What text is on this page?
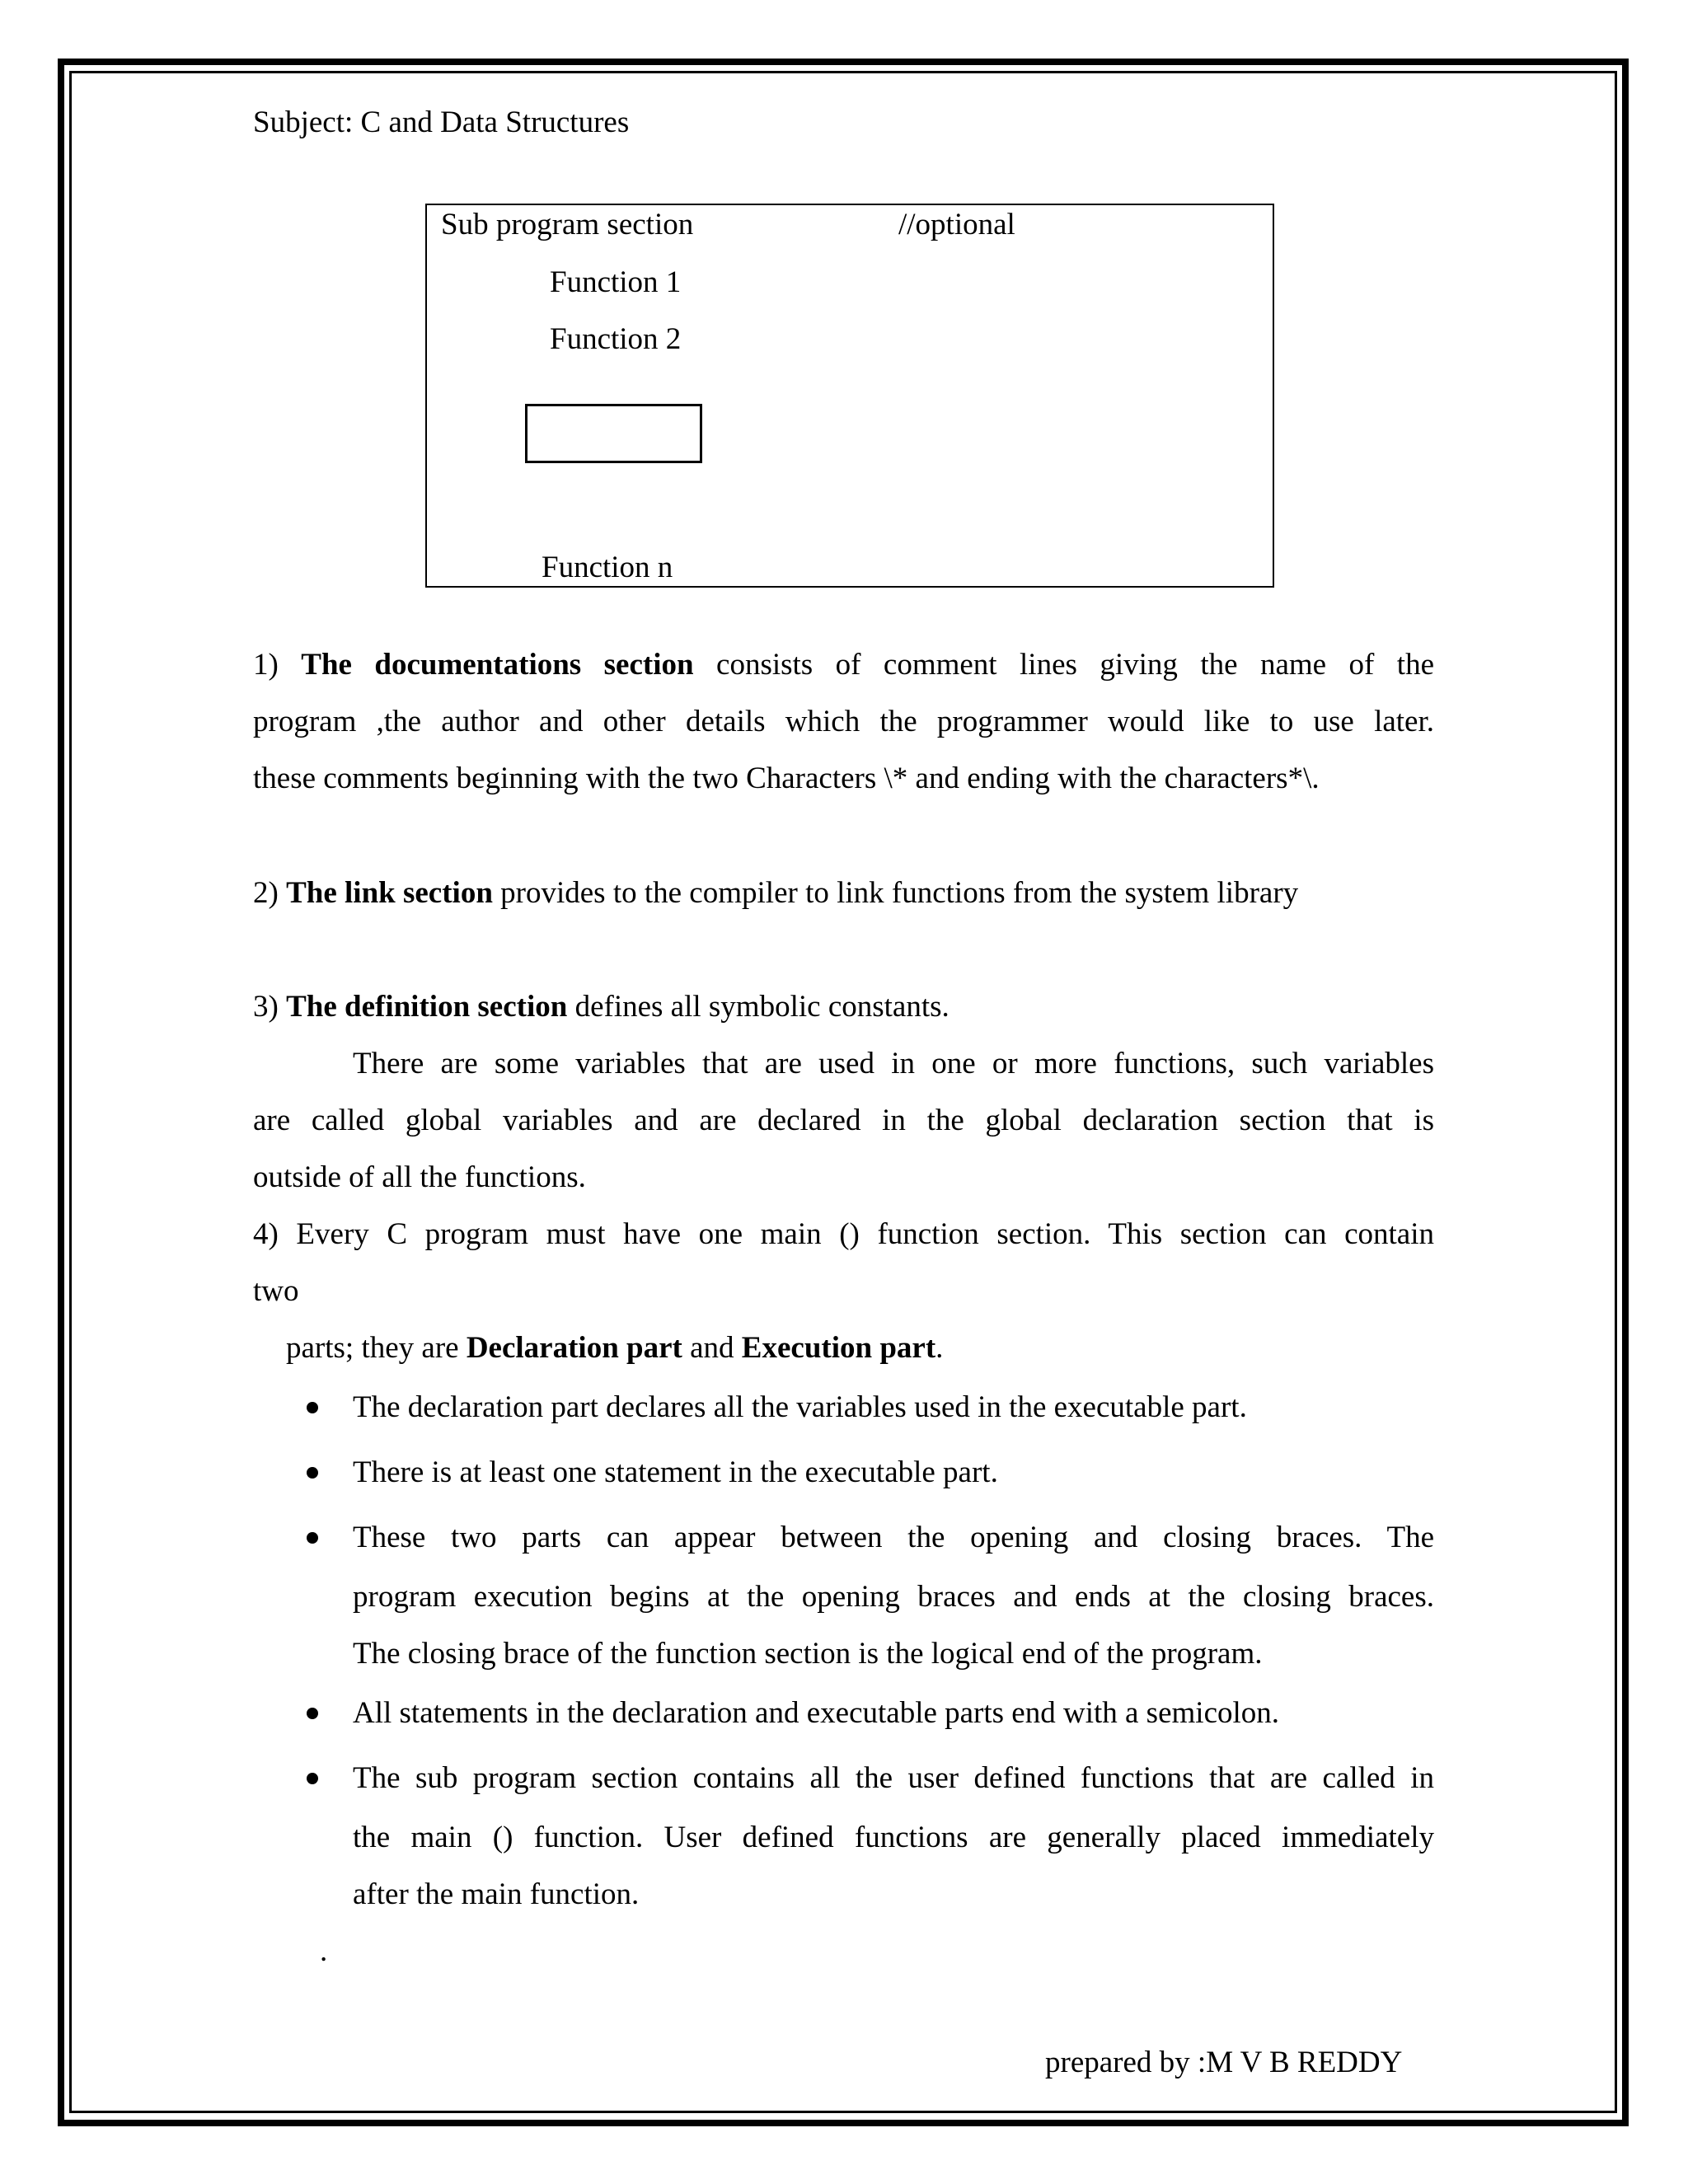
Subject: C and Data Structures
Sub program section	//optional
Function 1
Function 2
Function n
1) The documentations section consists of comment lines giving the name of the
program ,the author and other details which the programmer would like to use later.
these comments beginning with the two Characters \* and ending with the characters*\.
2) The link section provides to the compiler to link functions from the system library
3) The definition section defines all symbolic constants.
There are some variables that are used in one or more functions, such variables
are called global variables and are declared in the global declaration section that is
outside of all the functions.
4) Every C program must have one main () function section. This section can contain
two
parts; they are Declaration part and Execution part.
The declaration part declares all the variables used in the executable part.
There is at least one statement in the executable part.
These two parts can appear between the opening and closing braces. The
program execution begins at the opening braces and ends at the closing braces.
The closing brace of the function section is the logical end of the program.
All statements in the declaration and executable parts end with a semicolon.
The sub program section contains all the user defined functions that are called in
the main () function. User defined functions are generally placed immediately
after the main function.
.
prepared by :M V B REDDY
